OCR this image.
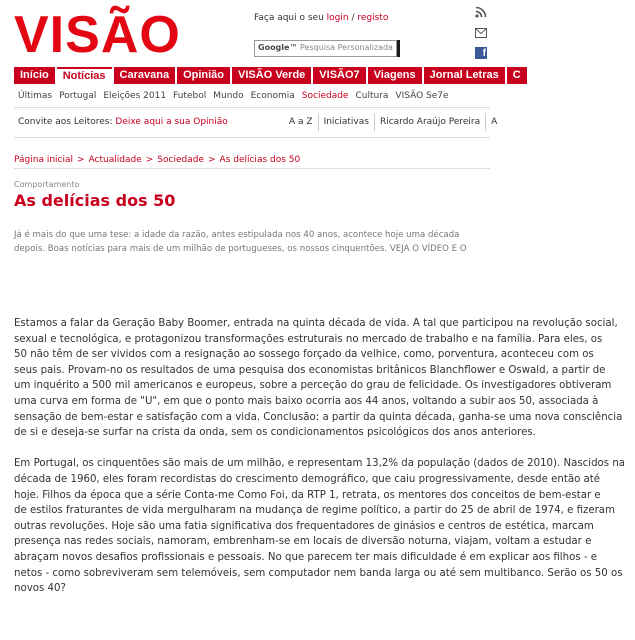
VISÃO	Faça aqui o seu login / registo
Google™ Pesquisa Personalizada
f
Início	Notícias	Caravana	Opinião	VISÃO Verde	VISÃO7	Viagens	Jornal Letras	C
Últimas Portugal Eleições 2011 Futebol Mundo Economia Sociedade Cultura VISÃO Se7e
Convite aos Leitores: Deixe aqui a sua Opinião	A a Z	Iniciativas	Ricardo Araújo Pereira	A
Página inicial > Actualidade > Sociedade > As delícias dos 50
Comportamento
As delícias dos 50
Já é mais do que uma tese: a idade da razão, antes estipulada nos 40 anos, acontece hoje uma década
depois. Boas notícias para mais de um milhão de portugueses, os nossos cinquentões. VEJA O VÍDEO E O

Estamos a falar da Geração Baby Boomer, entrada na quinta década de vida. A tal que participou na revolução social,
sexual e tecnológica, e protagonizou transformações estruturais no mercado de trabalho e na família. Para eles, os
50 não têm de ser vividos com a resignação ao sossego forçado da velhice, como, porventura, aconteceu com os
seus pais. Provam-no os resultados de uma pesquisa dos economistas britânicos Blanchflower e Oswald, a partir de
um inquérito a 500 mil americanos e europeus, sobre a perceção do grau de felicidade. Os investigadores obtiveram
uma curva em forma de "U", em que o ponto mais baixo ocorria aos 44 anos, voltando a subir aos 50, associada à
sensação de bem-estar e satisfação com a vida. Conclusão: a partir da quinta década, ganha-se uma nova consciência
de si e deseja-se surfar na crista da onda, sem os condicionamentos psicológicos dos anos anteriores.

Em Portugal, os cinquentões são mais de um milhão, e representam 13,2% da população (dados de 2010). Nascidos na
década de 1960, eles foram recordistas do crescimento demográfico, que caiu progressivamente, desde então até
hoje. Filhos da época que a série Conta-me Como Foi, da RTP 1, retrata, os mentores dos conceitos de bem-estar e
de estilos fraturantes de vida mergulharam na mudança de regime político, a partir do 25 de abril de 1974, e fizeram
outras revoluções. Hoje são uma fatia significativa dos frequentadores de ginásios e centros de estética, marcam
presença nas redes sociais, namoram, embrenham-se em locais de diversão noturna, viajam, voltam a estudar e
abraçam novos desafios profissionais e pessoais. No que parecem ter mais dificuldade é em explicar aos filhos - e
netos - como sobreviveram sem telemóveis, sem computador nem banda larga ou até sem multibanco. Serão os 50 os
novos 40?
